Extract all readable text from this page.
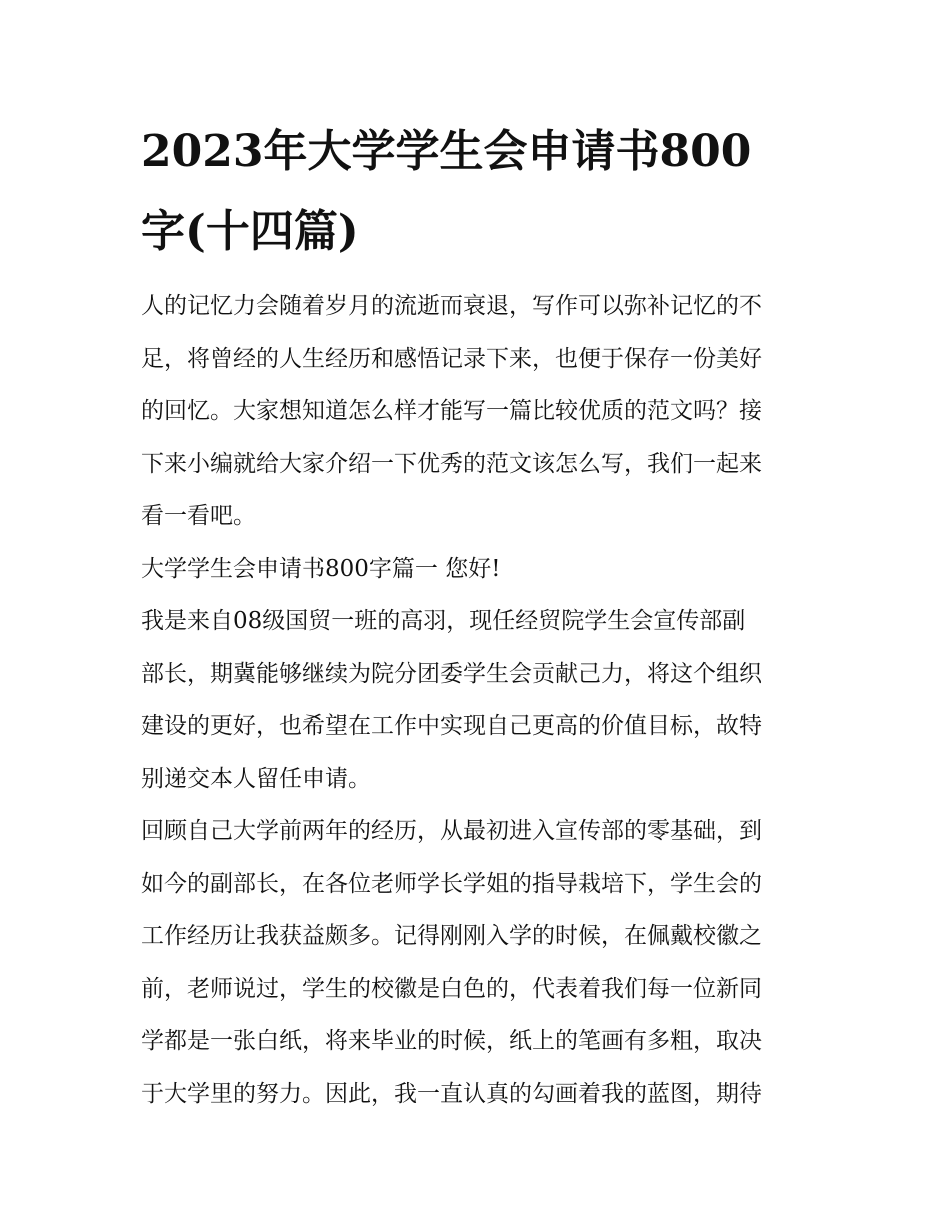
2023年大学学生会申请书800
字(十四篇)

人的记忆力会随着岁月的流逝而衰退，写作可以弥补记忆的不
足，将曾经的人生经历和感悟记录下来，也便于保存一份美好
的回忆。大家想知道怎么样才能写一篇比较优质的范文吗？接
下来小编就给大家介绍一下优秀的范文该怎么写，我们一起来
看一看吧。

大学学生会申请书800字篇一 您好!

我是来自08级国贸一班的高羽，现任经贸院学生会宣传部副
部长，期冀能够继续为院分团委学生会贡献己力，将这个组织
建设的更好，也希望在工作中实现自己更高的价值目标，故特
别递交本人留任申请。

回顾自己大学前两年的经历，从最初进入宣传部的零基础，到
如今的副部长，在各位老师学长学姐的指导栽培下，学生会的
工作经历让我获益颇多。记得刚刚入学的时候，在佩戴校徽之
前，老师说过，学生的校徽是白色的，代表着我们每一位新同
学都是一张白纸，将来毕业的时候，纸上的笔画有多粗，取决
于大学里的努力。因此，我一直认真的勾画着我的蓝图，期待
